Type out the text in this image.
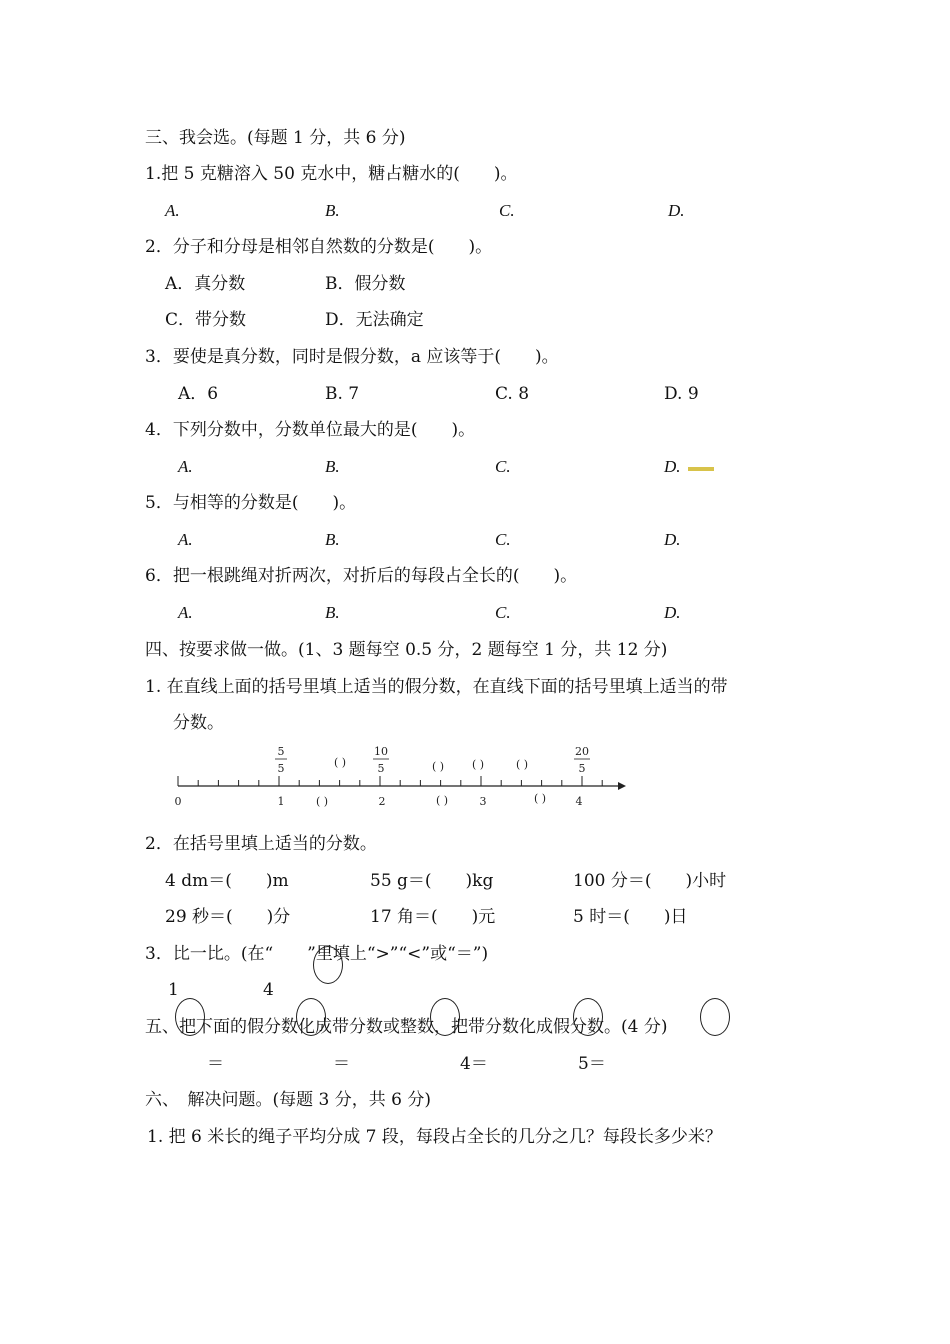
三、我会选。(每题 1 分，共 6 分)
1.把 5 克糖溶入 50 克水中，糖占糖水的(　　)。
A.	B.	C.	D.
2．分子和分母是相邻自然数的分数是(　　)。
A．真分数	B．假分数
C．带分数	D．无法确定
3．要使是真分数，同时是假分数，a 应该等于(　　)。
A．6	B. 7	C. 8	D. 9
4．下列分数中，分数单位最大的是(　　)。
A.	B.	C.	D.
5．与相等的分数是(　　)。
A.	B.	C.	D.
6．把一根跳绳对折两次，对折后的每段占全长的(　　)。
A.	B.	C.	D.
四、按要求做一做。(1、3 题每空 0.5 分，2 题每空 1 分，共 12 分)
1. 在直线上面的括号里填上适当的假分数，在直线下面的括号里填上适当的带
分数。
0	1	2	3	4
5
5
10
5
20
5
( )	( )	( )	( )
( )	( )	( )
2．在括号里填上适当的分数。
4 dm＝(　　)m	55 g＝(　　)kg	100 分＝(　　)小时
29 秒＝(　　)分	17 角＝(　　)元	5 时＝(　　)日
3．比一比。(在“　　”里填上“>”“<”或“＝”)
1	4
五、把下面的假分数化成带分数或整数，把带分数化成假分数。(4 分)
＝	＝	4＝	5＝
六、　解决问题。(每题 3 分，共 6 分)
1. 把 6 米长的绳子平均分成 7 段，每段占全长的几分之几？每段长多少米？
